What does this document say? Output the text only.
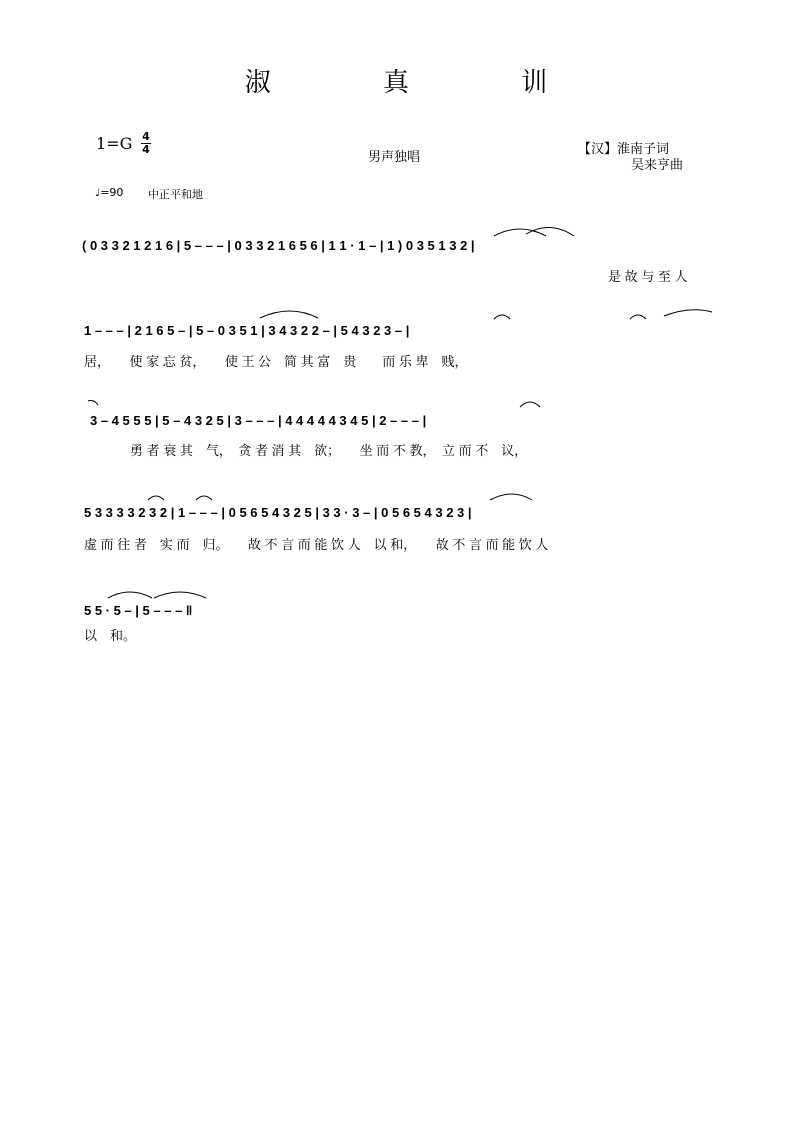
淑 真 训
1=G 4
4
男声独唱
【汉】淮南子词
吴来亨曲
♩=90 中正平和地
( 0 3 3 2 1 2 1 6 | 5 – – – | 0 3 3 2 1 6 5 6 | 1 1 · 1 – | 1 ) 0 3 5 1 3 2 |
是 故 与 至 人
1 – – – | 2 1 6 5 – | 5 – 0 3 5 1 | 3 4 3 2 2 – | 5 4 3 2 3 – |
居，　　使 家 忘 贫，　　使 王 公　简 其 富　贵　　而 乐 卑　贱，
3 – 4 5 5 5 | 5 – 4 3 2 5 | 3 – – – | 4 4 4 4 4 3 4 5 | 2 – – – |
勇 者 衰 其　气，　贪 者 消 其　欲；　　坐 而 不 教，　立 而 不　议，
5 3 3 3 3 2 3 2 | 1 – – – | 0 5 6 5 4 3 2 5 | 3 3 · 3 – | 0 5 6 5 4 3 2 3 |
虚 而 往 者　实 而　归。　　故 不 言 而 能 饮 人　以 和，　　故 不 言 而 能 饮 人
5 5 · 5 – | 5 – – – ‖
以　和。
